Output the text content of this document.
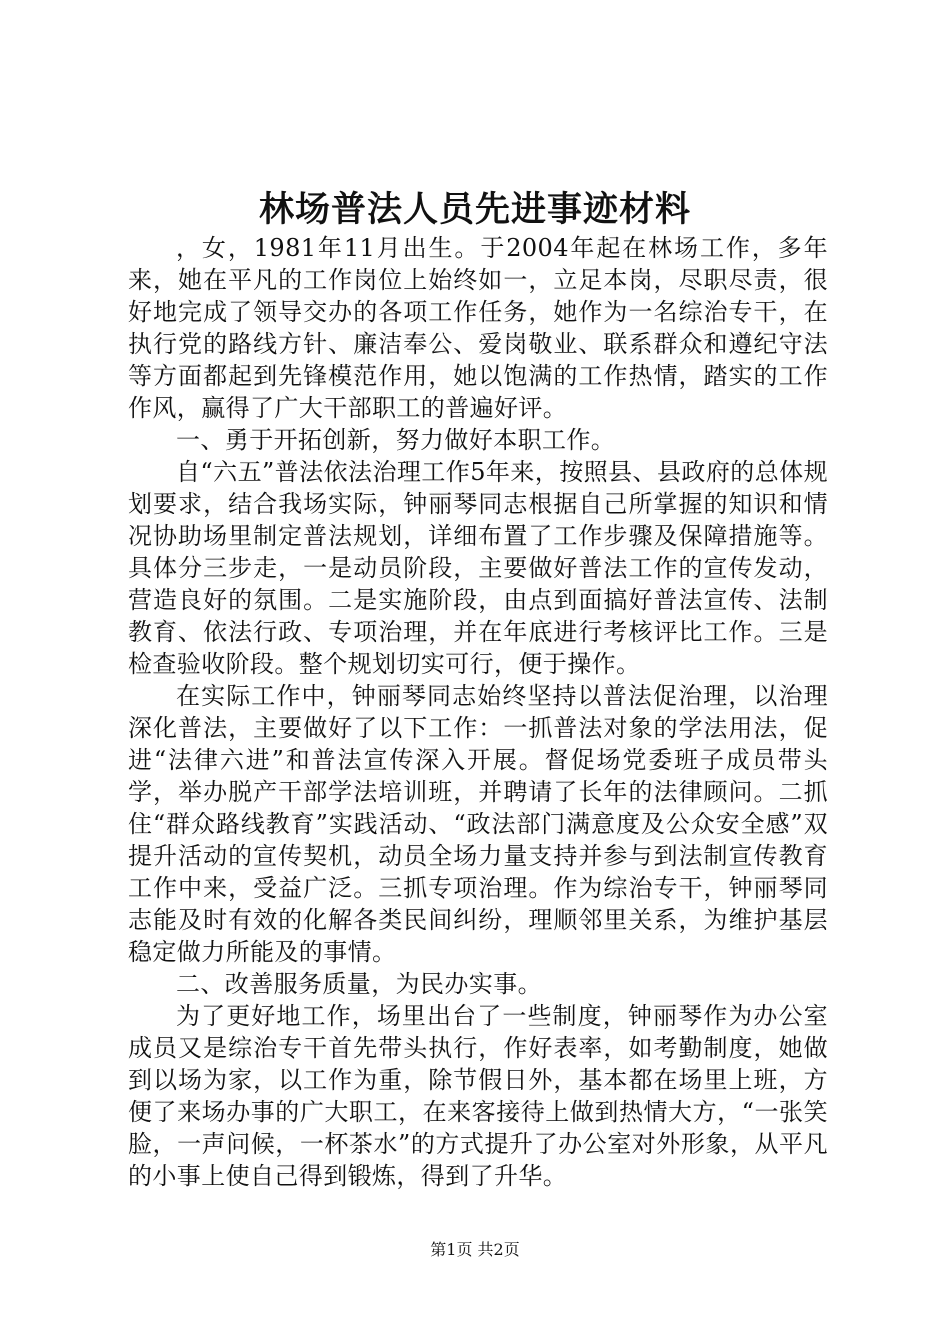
林场普法人员先进事迹材料

，女，1981年11月出生。于2004年起在林场工作，多年来，她在平凡的工作岗位上始终如一，立足本岗，尽职尽责，很好地完成了领导交办的各项工作任务，她作为一名综治专干，在执行党的路线方针、廉洁奉公、爱岗敬业、联系群众和遵纪守法等方面都起到先锋模范作用，她以饱满的工作热情，踏实的工作作风，赢得了广大干部职工的普遍好评。

一、勇于开拓创新，努力做好本职工作。

自“六五”普法依法治理工作5年来，按照县、县政府的总体规划要求，结合我场实际，钟丽琴同志根据自己所掌握的知识和情况协助场里制定普法规划，详细布置了工作步骤及保障措施等。具体分三步走，一是动员阶段，主要做好普法工作的宣传发动，营造良好的氛围。二是实施阶段，由点到面搞好普法宣传、法制教育、依法行政、专项治理，并在年底进行考核评比工作。三是检查验收阶段。整个规划切实可行，便于操作。

在实际工作中，钟丽琴同志始终坚持以普法促治理，以治理深化普法，主要做好了以下工作：一抓普法对象的学法用法，促进“法律六进”和普法宣传深入开展。督促场党委班子成员带头学，举办脱产干部学法培训班，并聘请了长年的法律顾问。二抓住“群众路线教育”实践活动、“政法部门满意度及公众安全感”双提升活动的宣传契机，动员全场力量支持并参与到法制宣传教育工作中来，受益广泛。三抓专项治理。作为综治专干，钟丽琴同志能及时有效的化解各类民间纠纷，理顺邻里关系，为维护基层稳定做力所能及的事情。

二、改善服务质量，为民办实事。

为了更好地工作，场里出台了一些制度，钟丽琴作为办公室成员又是综治专干首先带头执行，作好表率，如考勤制度，她做到以场为家，以工作为重，除节假日外，基本都在场里上班，方便了来场办事的广大职工，在来客接待上做到热情大方，“一张笑脸，一声问候，一杯茶水”的方式提升了办公室对外形象，从平凡的小事上使自己得到锻炼，得到了升华。

第1页 共2页
